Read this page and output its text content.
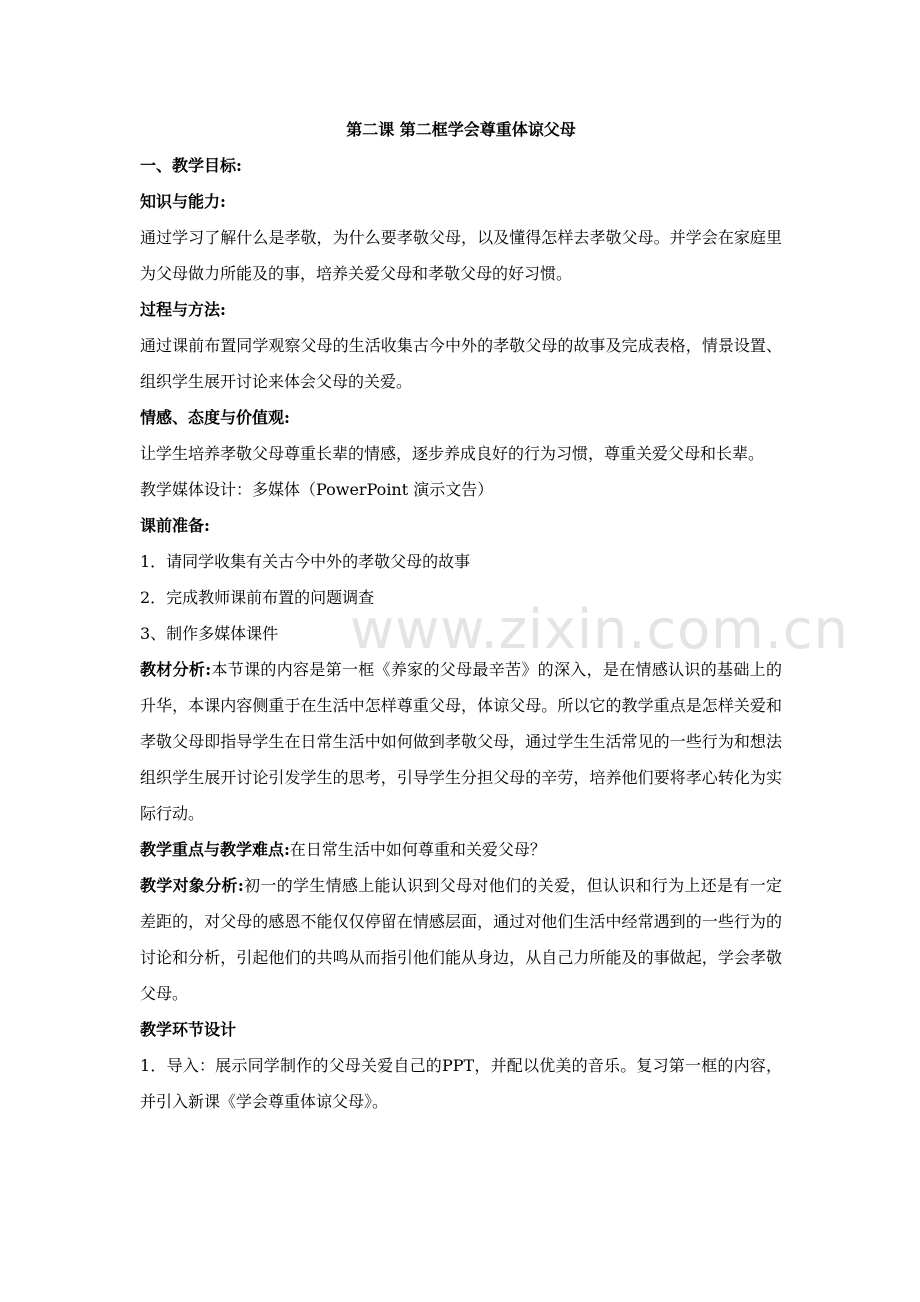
www.zixin.com.cn

第二课 第二框学会尊重体谅父母

一、教学目标:

知识与能力:

通过学习了解什么是孝敬，为什么要孝敬父母，以及懂得怎样去孝敬父母。并学会在家庭里为父母做力所能及的事，培养关爱父母和孝敬父母的好习惯。

过程与方法:

通过课前布置同学观察父母的生活收集古今中外的孝敬父母的故事及完成表格，情景设置、组织学生展开讨论来体会父母的关爱。

情感、态度与价值观:

让学生培养孝敬父母尊重长辈的情感，逐步养成良好的行为习惯，尊重关爱父母和长辈。

教学媒体设计：多媒体（PowerPoint 演示文告）

课前准备:

1．请同学收集有关古今中外的孝敬父母的故事

2．完成教师课前布置的问题调查

3、制作多媒体课件

教材分析:本节课的内容是第一框《养家的父母最辛苦》的深入，是在情感认识的基础上的升华，本课内容侧重于在生活中怎样尊重父母，体谅父母。所以它的教学重点是怎样关爱和孝敬父母即指导学生在日常生活中如何做到孝敬父母，通过学生生活常见的一些行为和想法组织学生展开讨论引发学生的思考，引导学生分担父母的辛劳，培养他们要将孝心转化为实际行动。

教学重点与教学难点:在日常生活中如何尊重和关爱父母？

教学对象分析:初一的学生情感上能认识到父母对他们的关爱，但认识和行为上还是有一定差距的，对父母的感恩不能仅仅停留在情感层面，通过对他们生活中经常遇到的一些行为的讨论和分析，引起他们的共鸣从而指引他们能从身边，从自己力所能及的事做起，学会孝敬父母。

教学环节设计

1．导入：展示同学制作的父母关爱自己的PPT，并配以优美的音乐。复习第一框的内容，并引入新课《学会尊重体谅父母》。
